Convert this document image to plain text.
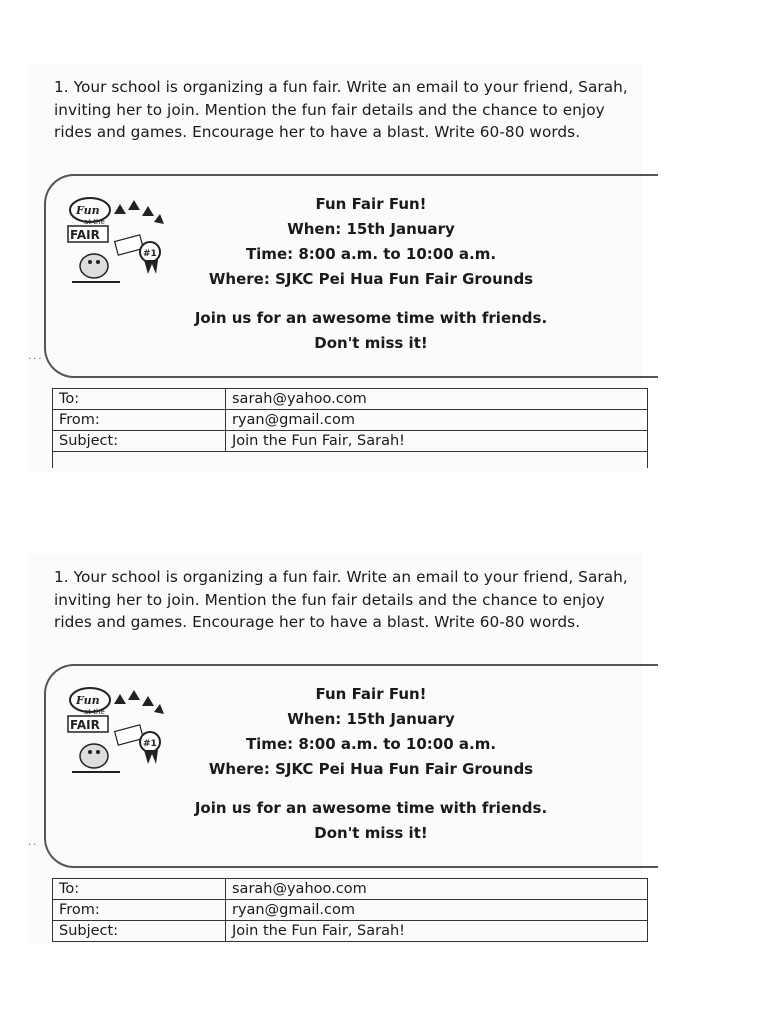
1. Your school is organizing a fun fair. Write an email to your friend, Sarah, inviting her to join. Mention the fun fair details and the chance to enjoy rides and games. Encourage her to have a blast. Write 60-80 words.
Fun
at the
FAIR
#1
Fun Fair Fun!
When: 15th January
Time: 8:00 a.m. to 10:00 a.m.
Where: SJKC Pei Hua Fun Fair Grounds
Join us for an awesome time with friends.
Don't miss it!
···
To:	sarah@yahoo.com
From:	ryan@gmail.com
Subject:	Join the Fun Fair, Sarah!

1. Your school is organizing a fun fair. Write an email to your friend, Sarah, inviting her to join. Mention the fun fair details and the chance to enjoy rides and games. Encourage her to have a blast. Write 60-80 words.
Fun
at the
FAIR
#1
Fun Fair Fun!
When: 15th January
Time: 8:00 a.m. to 10:00 a.m.
Where: SJKC Pei Hua Fun Fair Grounds
Join us for an awesome time with friends.
Don't miss it!
··
To:	sarah@yahoo.com
From:	ryan@gmail.com
Subject:	Join the Fun Fair, Sarah!
